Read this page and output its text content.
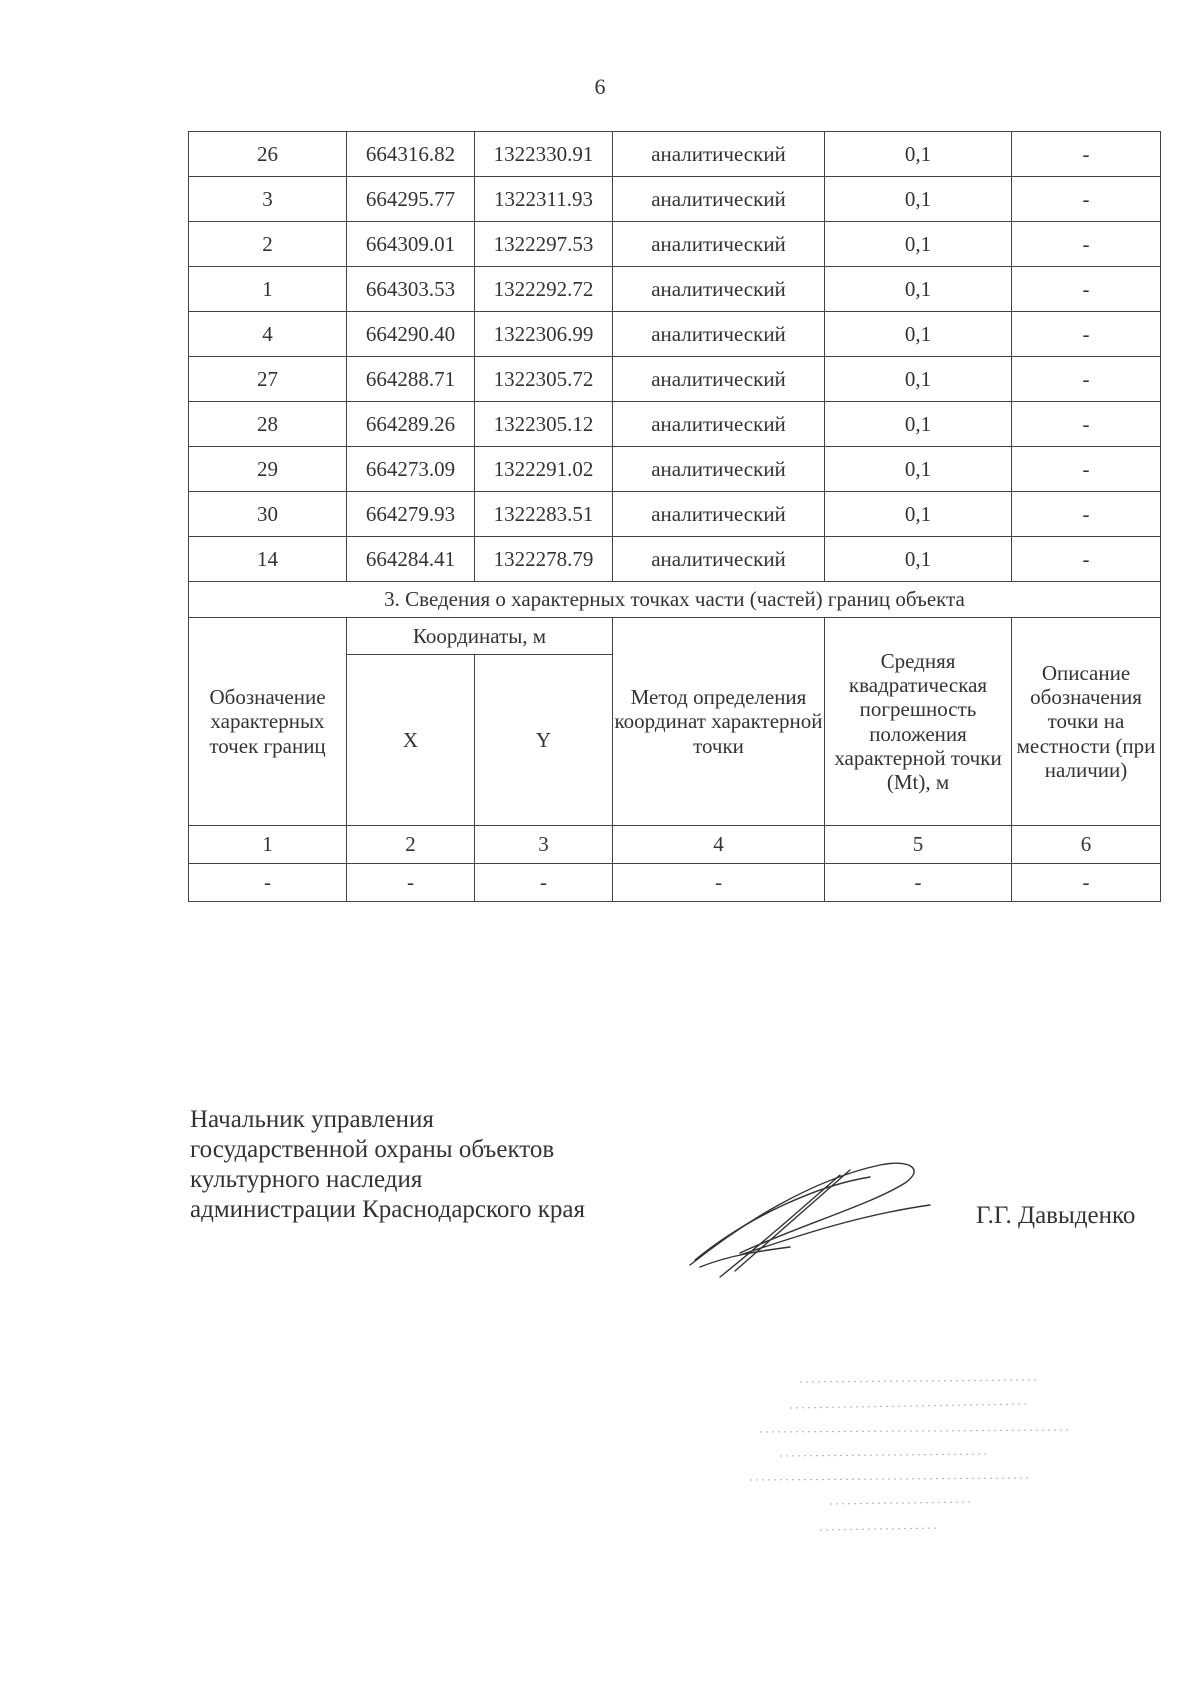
6
26	664316.82	1322330.91	аналитический	0,1	-
3	664295.77	1322311.93	аналитический	0,1	-
2	664309.01	1322297.53	аналитический	0,1	-
1	664303.53	1322292.72	аналитический	0,1	-
4	664290.40	1322306.99	аналитический	0,1	-
27	664288.71	1322305.72	аналитический	0,1	-
28	664289.26	1322305.12	аналитический	0,1	-
29	664273.09	1322291.02	аналитический	0,1	-
30	664279.93	1322283.51	аналитический	0,1	-
14	664284.41	1322278.79	аналитический	0,1	-
3. Сведения о характерных точках части (частей) границ объекта					
Обозначение характерных точек границ	Координаты, м		Метод определения координат характерной точки	Средняя квадратическая погрешность положения характерной точки (Mt), м	Описание обозначения точки на местности (при наличии)
	X	Y			
1	2	3	4	5	6
-	-	-	-	-	-
Начальник управления
государственной охраны объектов
культурного наследия
администрации Краснодарского края	Г.Г. Давыденко
